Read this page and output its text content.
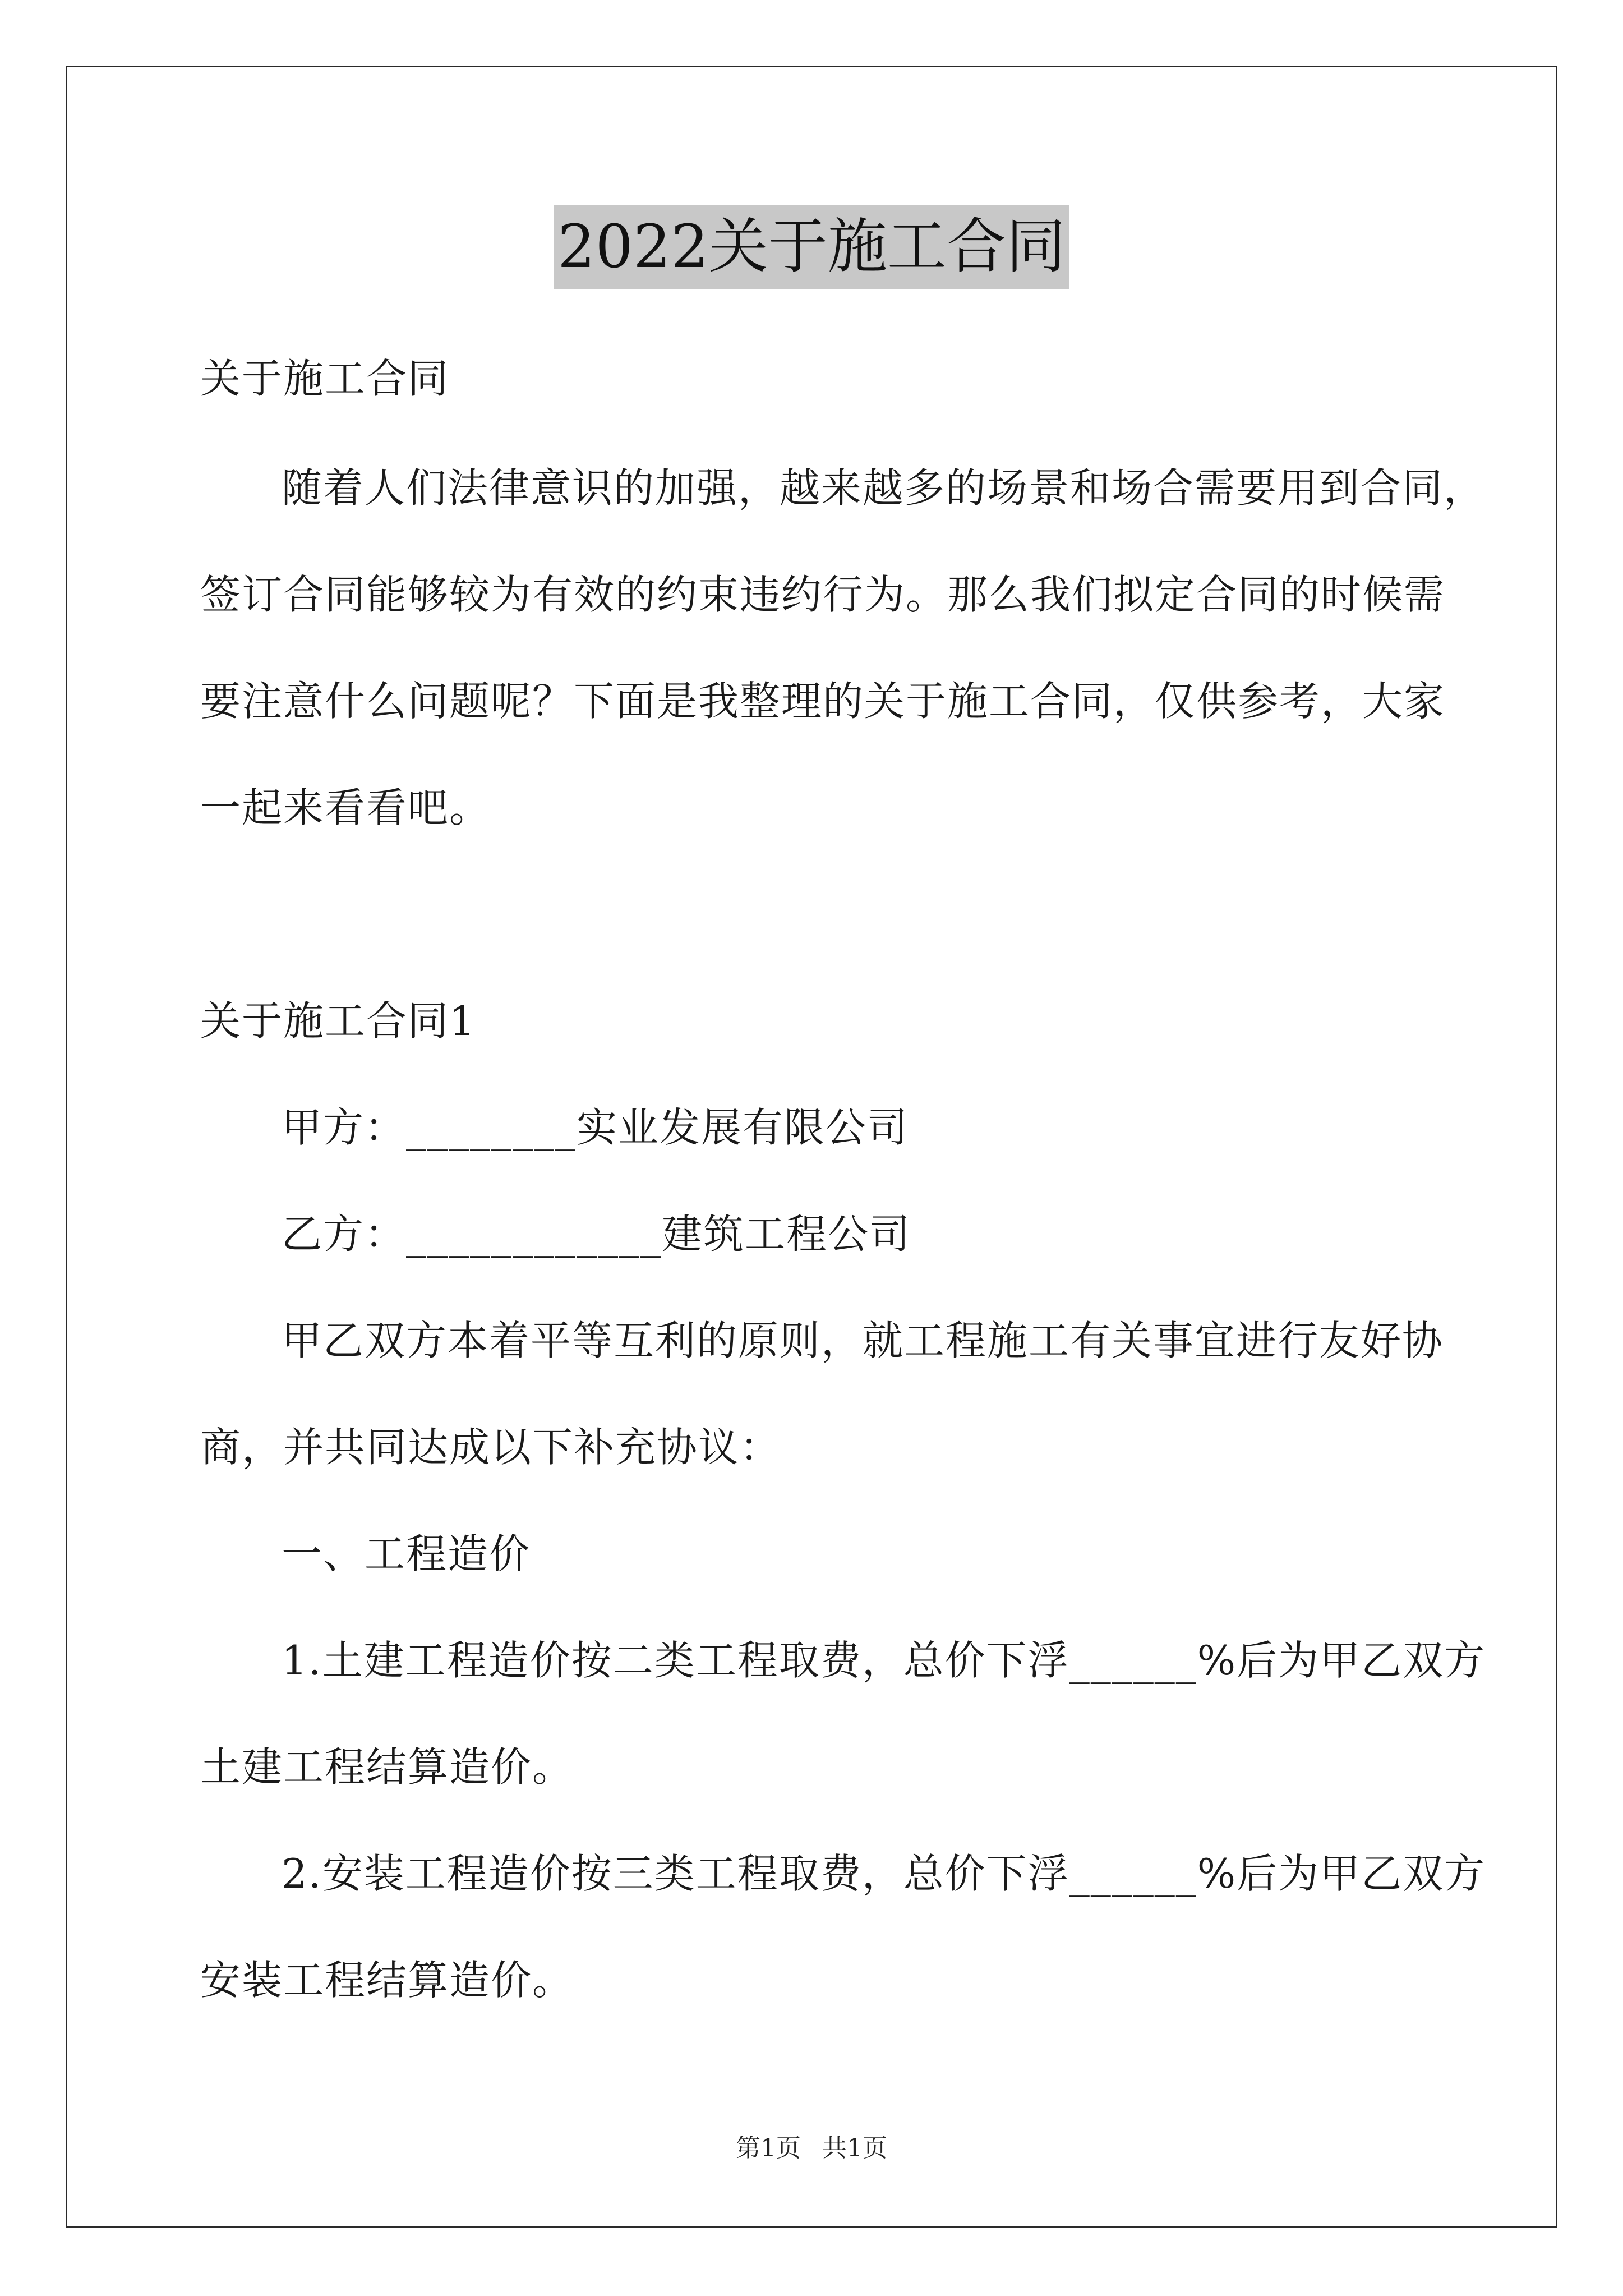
2022关于施工合同
关于施工合同
随着人们法律意识的加强，越来越多的场景和场合需要用到合同，
签订合同能够较为有效的约束违约行为。那么我们拟定合同的时候需
要注意什么问题呢？下面是我整理的关于施工合同，仅供参考，大家
一起来看看吧。
关于施工合同1
甲方：________实业发展有限公司
乙方：____________建筑工程公司
甲乙双方本着平等互利的原则，就工程施工有关事宜进行友好协
商，并共同达成以下补充协议：
一、工程造价
1.土建工程造价按二类工程取费，总价下浮______%后为甲乙双方
土建工程结算造价。
2.安装工程造价按三类工程取费，总价下浮______%后为甲乙双方
安装工程结算造价。
第1页 共1页
